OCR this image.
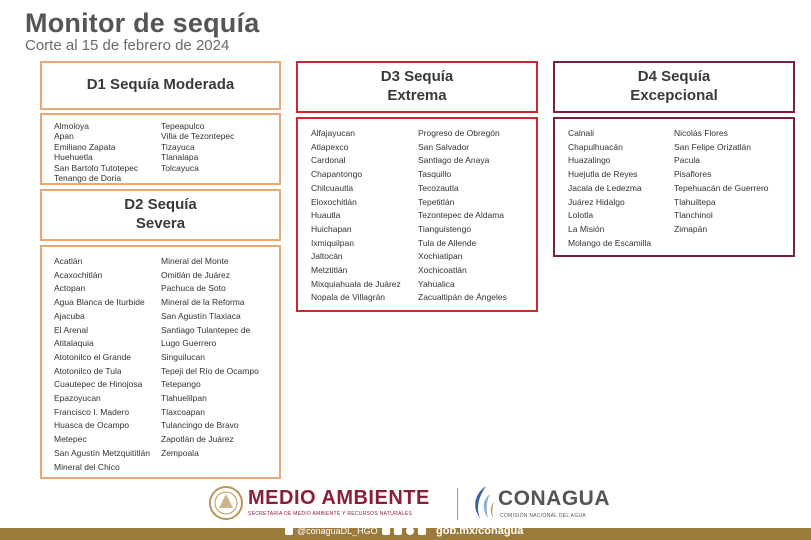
Monitor de sequía
Corte al 15 de febrero de 2024
D1 Sequía Moderada
Almoloya
Apan
Emiliano Zapata
Huehuetla
San Bartolo Tutotepec
Tenango de Doria
Tepeapulco
Villa de Tezontepec
Tizayuca
Tlanalapa
Tolcayuca
D2 Sequía
Severa
Acatlán
Acaxochitlán
Actopan
Agua Blanca de Iturbide
Ajacuba
El Arenal
Atitalaquia
Atotonilco el Grande
Atotonilco de Tula
Cuautepec de Hinojosa
Epazoyucan
Francisco I. Madero
Huasca de Ocampo
Metepec
San Agustín Metzquititlán
Mineral del Chico
Mineral del Monte
Omitlán de Juárez
Pachuca de Soto
Mineral de la Reforma
San Agustín Tlaxiaca
Santiago Tulantepec de
Lugo Guerrero
Singuilucan
Tepeji del Río de Ocampo
Tetepango
Tlahuelilpan
Tlaxcoapan
Tulancingo de Bravo
Zapotlán de Juárez
Zempoala
D3 Sequía
Extrema
Alfajayucan
Atlapexco
Cardonal
Chapantongo
Chilcuautla
Eloxochitlán
Huautla
Huichapan
Ixmiquilpan
Jaltocán
Metztitlán
Mixquiahuala de Juárez
Nopala de Villagrán
Progreso de Obregón
San Salvador
Santiago de Anaya
Tasquillo
Tecozautla
Tepetitlán
Tezontepec de Aldama
Tianguistengo
Tula de Allende
Xochiatipan
Xochicoatlán
Yahualica
Zacualtipán de Ángeles
D4 Sequía
Excepcional
Calnali
Chapulhuacán
Huazalingo
Huejutla de Reyes
Jacala de Ledezma
Juárez Hidalgo
Lolotla
La Misión
Molango de Escamilla
Nicolás Flores
San Felipe Orizatlán
Pacula
Pisaflores
Tepehuacán de Guerrero
Tlahuiltepa
Tlanchinol
Zimapán
MEDIO AMBIENTE
SECRETARÍA DE MEDIO AMBIENTE Y RECURSOS NATURALES
CONAGUA
COMISIÓN NACIONAL DEL AGUA
@conaguaDL_HGO	gob.mx/conagua
